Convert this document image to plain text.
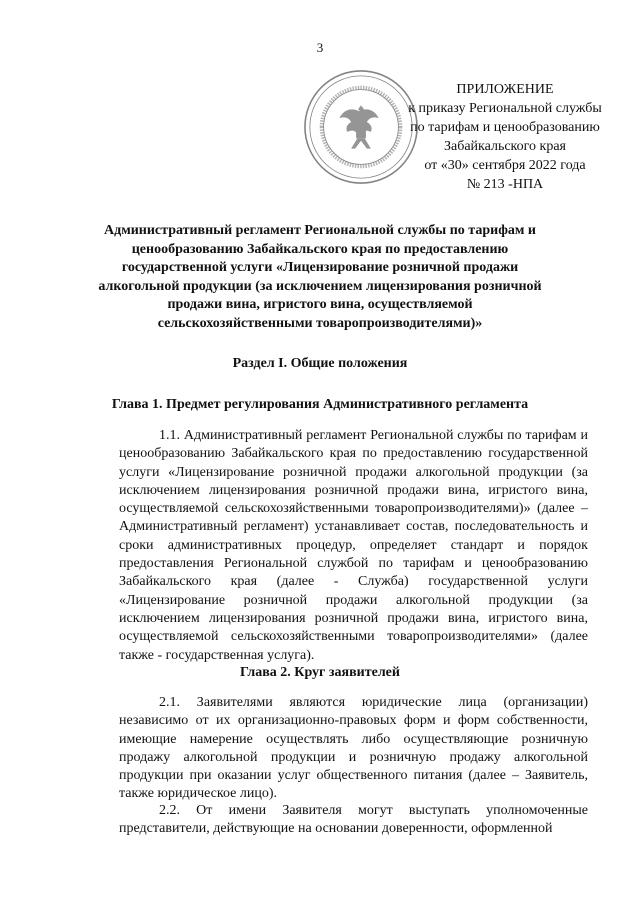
3
ПРИЛОЖЕНИЕ
к приказу Региональной службы
по тарифам и ценообразованию
Забайкальского края
от «30» сентября 2022 года
№ 213 -НПА
Административный регламент Региональной службы по тарифам и ценообразованию Забайкальского края по предоставлению государственной услуги «Лицензирование розничной продажи алкогольной продукции (за исключением лицензирования розничной продажи вина, игристого вина, осуществляемой сельскохозяйственными товаропроизводителями)»
Раздел I. Общие положения
Глава 1. Предмет регулирования Административного регламента
1.1. Административный регламент Региональной службы по тарифам и ценообразованию Забайкальского края по предоставлению государственной услуги «Лицензирование розничной продажи алкогольной продукции (за исключением лицензирования розничной продажи вина, игристого вина, осуществляемой сельскохозяйственными товаропроизводителями)» (далее – Административный регламент) устанавливает состав, последовательность и сроки административных процедур, определяет стандарт и порядок предоставления Региональной службой по тарифам и ценообразованию Забайкальского края (далее - Служба) государственной услуги «Лицензирование розничной продажи алкогольной продукции (за исключением лицензирования розничной продажи вина, игристого вина, осуществляемой сельскохозяйственными товаропроизводителями» (далее также - государственная услуга).
Глава 2. Круг заявителей
2.1. Заявителями являются юридические лица (организации) независимо от их организационно-правовых форм и форм собственности, имеющие намерение осуществлять либо осуществляющие розничную продажу алкогольной продукции и розничную продажу алкогольной продукции при оказании услуг общественного питания (далее – Заявитель, также юридическое лицо).
2.2. От имени Заявителя могут выступать уполномоченные представители, действующие на основании доверенности, оформленной
